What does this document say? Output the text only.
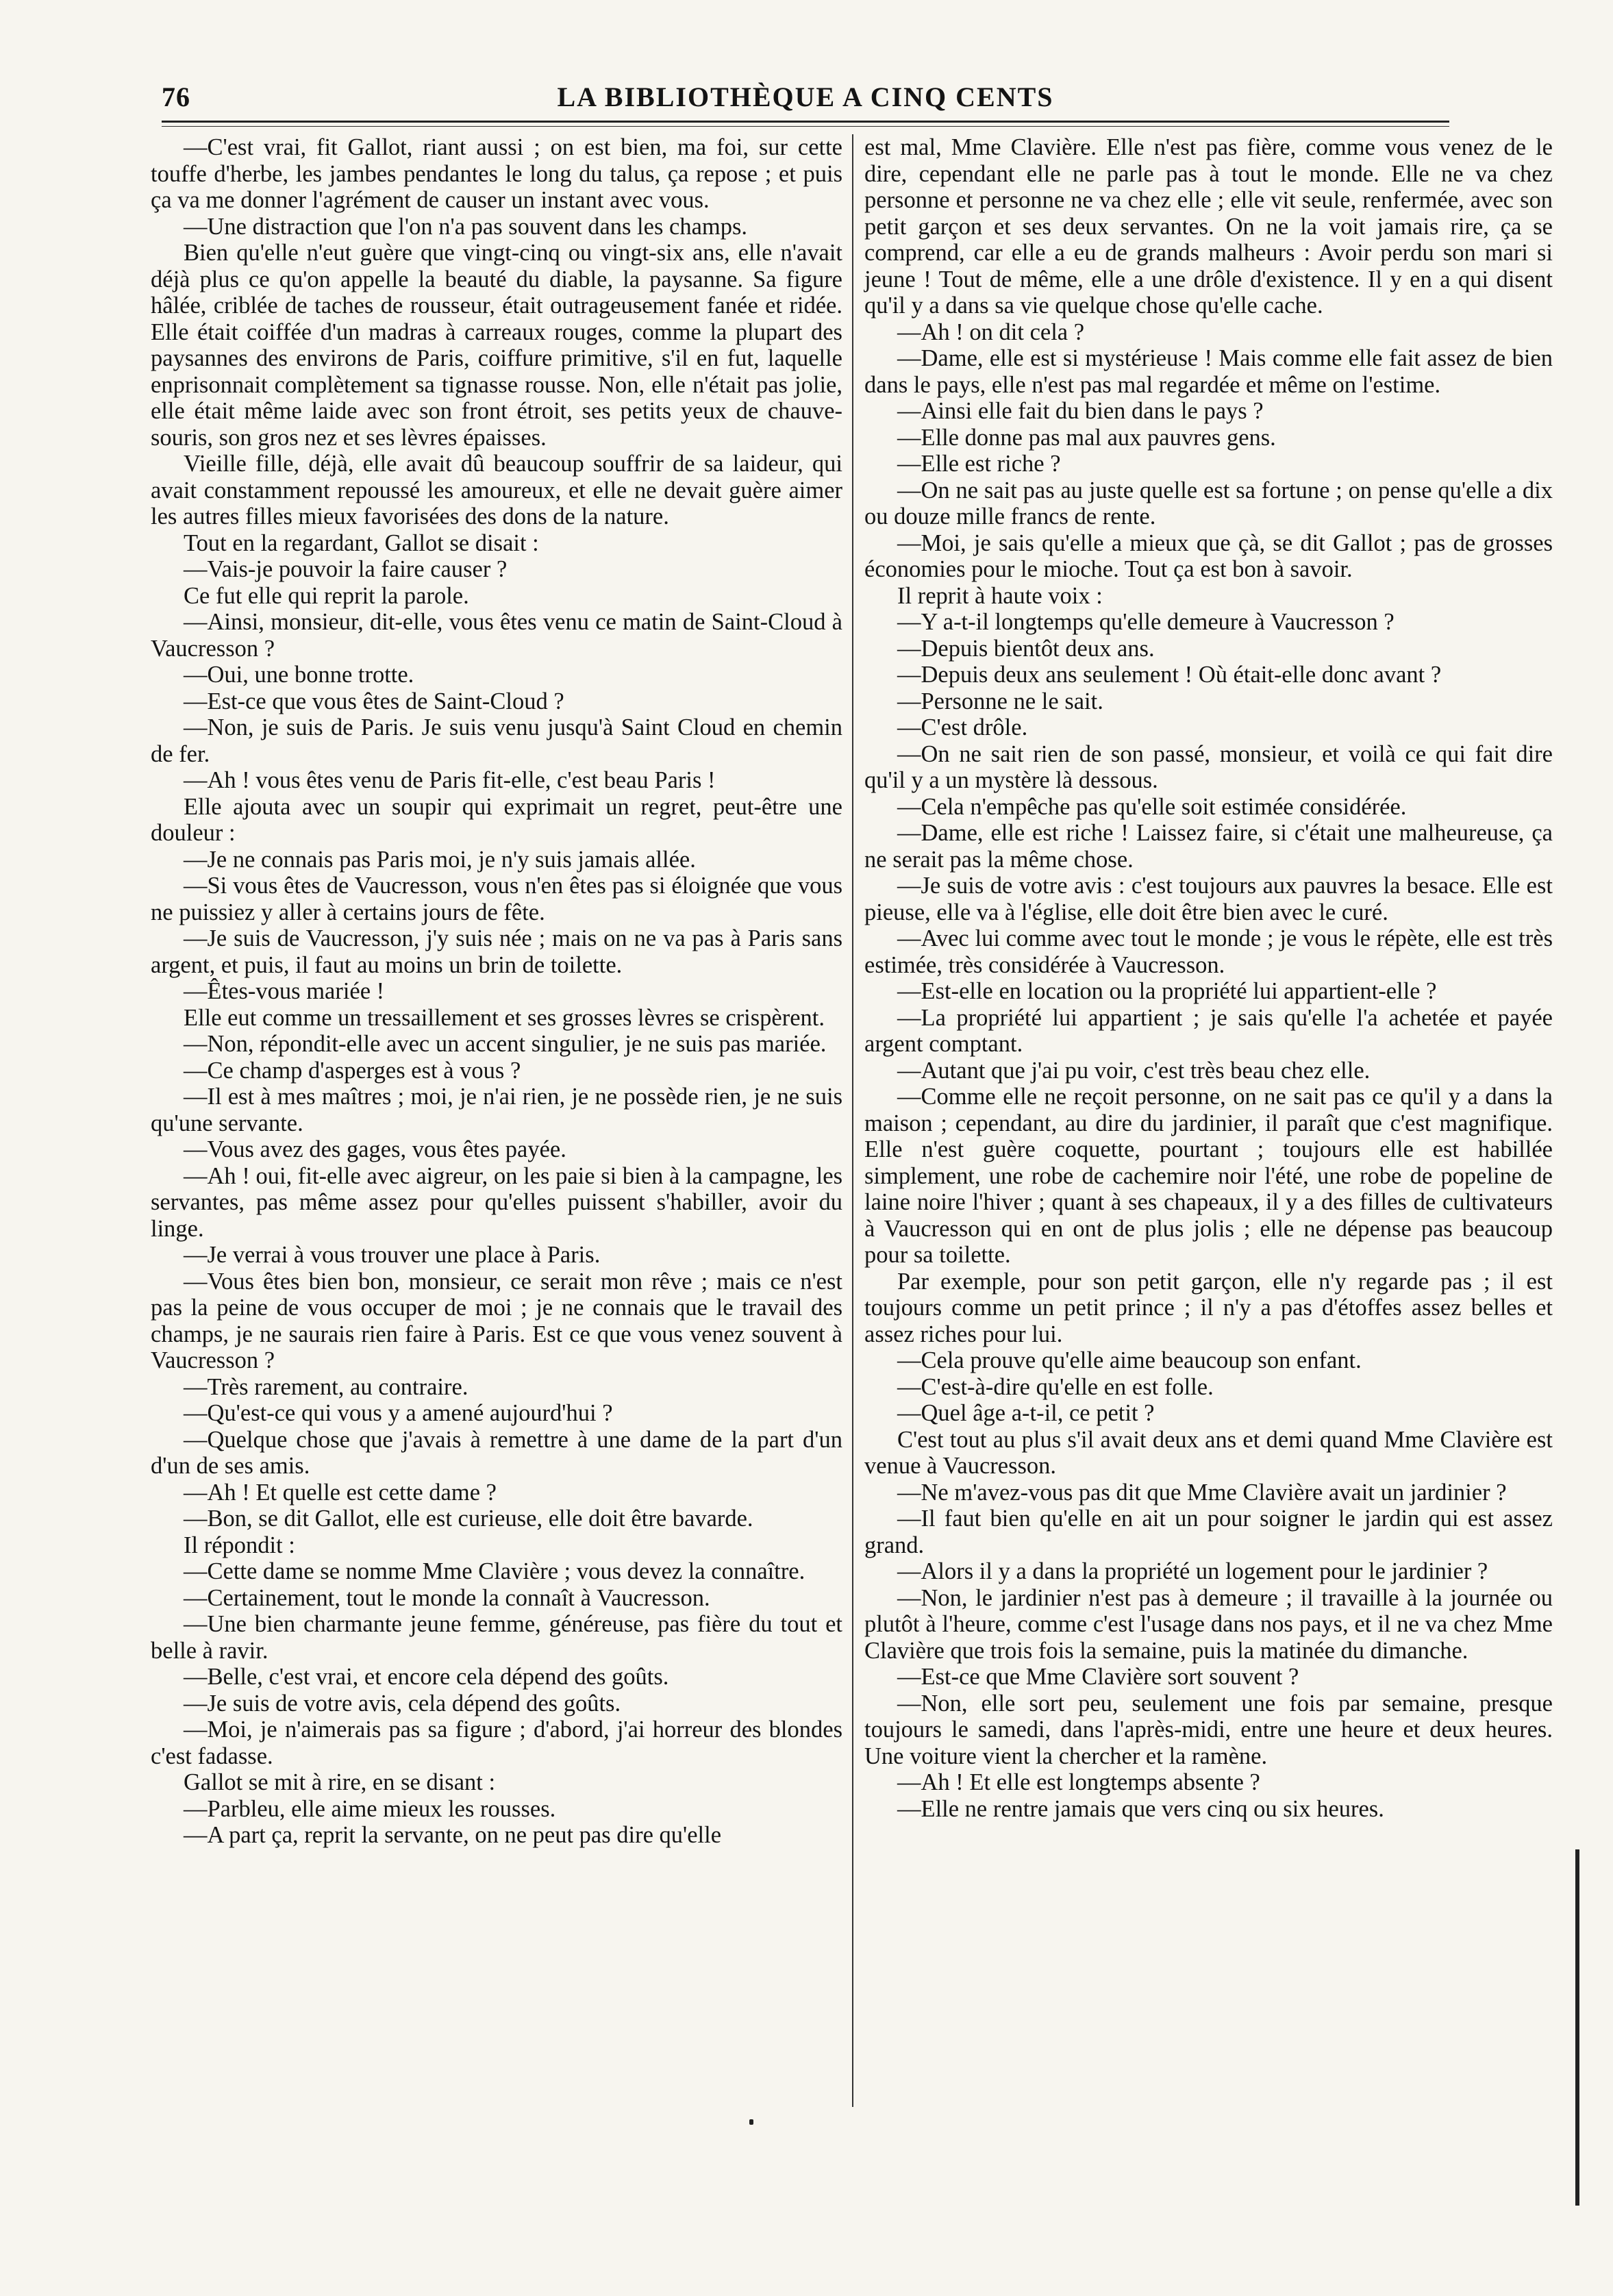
76	LA BIBLIOTHÈQUE A CINQ CENTS

—C'est vrai, fit Gallot, riant aussi ; on est bien, ma foi, sur cette touffe d'herbe, les jambes pendantes le long du talus, ça repose ; et puis ça va me donner l'agrément de causer un instant avec vous.

—Une distraction que l'on n'a pas souvent dans les champs.

Bien qu'elle n'eut guère que vingt-cinq ou vingt-six ans, elle n'avait déjà plus ce qu'on appelle la beauté du diable, la paysanne. Sa figure hâlée, criblée de taches de rousseur, était outrageusement fanée et ridée. Elle était coiffée d'un madras à carreaux rouges, comme la plupart des paysannes des environs de Paris, coiffure primitive, s'il en fut, laquelle enprisonnait complètement sa tignasse rousse. Non, elle n'était pas jolie, elle était même laide avec son front étroit, ses petits yeux de chauve-souris, son gros nez et ses lèvres épaisses.

Vieille fille, déjà, elle avait dû beaucoup souffrir de sa laideur, qui avait constamment repoussé les amoureux, et elle ne devait guère aimer les autres filles mieux favorisées des dons de la nature.

Tout en la regardant, Gallot se disait :

—Vais-je pouvoir la faire causer ?

Ce fut elle qui reprit la parole.

—Ainsi, monsieur, dit-elle, vous êtes venu ce matin de Saint-Cloud à Vaucresson ?

—Oui, une bonne trotte.

—Est-ce que vous êtes de Saint-Cloud ?

—Non, je suis de Paris. Je suis venu jusqu'à Saint Cloud en chemin de fer.

—Ah ! vous êtes venu de Paris fit-elle, c'est beau Paris !

Elle ajouta avec un soupir qui exprimait un regret, peut-être une douleur :

—Je ne connais pas Paris moi, je n'y suis jamais allée.

—Si vous êtes de Vaucresson, vous n'en êtes pas si éloignée que vous ne puissiez y aller à certains jours de fête.

—Je suis de Vaucresson, j'y suis née ; mais on ne va pas à Paris sans argent, et puis, il faut au moins un brin de toilette.

—Êtes-vous mariée !

Elle eut comme un tressaillement et ses grosses lèvres se crispèrent.

—Non, répondit-elle avec un accent singulier, je ne suis pas mariée.

—Ce champ d'asperges est à vous ?

—Il est à mes maîtres ; moi, je n'ai rien, je ne possède rien, je ne suis qu'une servante.

—Vous avez des gages, vous êtes payée.

—Ah ! oui, fit-elle avec aigreur, on les paie si bien à la campagne, les servantes, pas même assez pour qu'elles puissent s'habiller, avoir du linge.

—Je verrai à vous trouver une place à Paris.

—Vous êtes bien bon, monsieur, ce serait mon rêve ; mais ce n'est pas la peine de vous occuper de moi ; je ne connais que le travail des champs, je ne saurais rien faire à Paris. Est ce que vous venez souvent à Vaucresson ?

—Très rarement, au contraire.

—Qu'est-ce qui vous y a amené aujourd'hui ?

—Quelque chose que j'avais à remettre à une dame de la part d'un d'un de ses amis.

—Ah ! Et quelle est cette dame ?

—Bon, se dit Gallot, elle est curieuse, elle doit être bavarde.

Il répondit :

—Cette dame se nomme Mme Clavière ; vous devez la connaître.

—Certainement, tout le monde la connaît à Vaucresson.

—Une bien charmante jeune femme, généreuse, pas fière du tout et belle à ravir.

—Belle, c'est vrai, et encore cela dépend des goûts.

—Je suis de votre avis, cela dépend des goûts.

—Moi, je n'aimerais pas sa figure ; d'abord, j'ai horreur des blondes c'est fadasse.

Gallot se mit à rire, en se disant :

—Parbleu, elle aime mieux les rousses.

—A part ça, reprit la servante, on ne peut pas dire qu'elle

est mal, Mme Clavière. Elle n'est pas fière, comme vous venez de le dire, cependant elle ne parle pas à tout le monde. Elle ne va chez personne et personne ne va chez elle ; elle vit seule, renfermée, avec son petit garçon et ses deux servantes. On ne la voit jamais rire, ça se comprend, car elle a eu de grands malheurs : Avoir perdu son mari si jeune ! Tout de même, elle a une drôle d'existence. Il y en a qui disent qu'il y a dans sa vie quelque chose qu'elle cache.

—Ah ! on dit cela ?

—Dame, elle est si mystérieuse ! Mais comme elle fait assez de bien dans le pays, elle n'est pas mal regardée et même on l'estime.

—Ainsi elle fait du bien dans le pays ?

—Elle donne pas mal aux pauvres gens.

—Elle est riche ?

—On ne sait pas au juste quelle est sa fortune ; on pense qu'elle a dix ou douze mille francs de rente.

—Moi, je sais qu'elle a mieux que çà, se dit Gallot ; pas de grosses économies pour le mioche. Tout ça est bon à savoir.

Il reprit à haute voix :

—Y a-t-il longtemps qu'elle demeure à Vaucresson ?

—Depuis bientôt deux ans.

—Depuis deux ans seulement ! Où était-elle donc avant ?

—Personne ne le sait.

—C'est drôle.

—On ne sait rien de son passé, monsieur, et voilà ce qui fait dire qu'il y a un mystère là dessous.

—Cela n'empêche pas qu'elle soit estimée considérée.

—Dame, elle est riche ! Laissez faire, si c'était une malheureuse, ça ne serait pas la même chose.

—Je suis de votre avis : c'est toujours aux pauvres la besace. Elle est pieuse, elle va à l'église, elle doit être bien avec le curé.

—Avec lui comme avec tout le monde ; je vous le répète, elle est très estimée, très considérée à Vaucresson.

—Est-elle en location ou la propriété lui appartient-elle ?

—La propriété lui appartient ; je sais qu'elle l'a achetée et payée argent comptant.

—Autant que j'ai pu voir, c'est très beau chez elle.

—Comme elle ne reçoit personne, on ne sait pas ce qu'il y a dans la maison ; cependant, au dire du jardinier, il paraît que c'est magnifique. Elle n'est guère coquette, pourtant ; toujours elle est habillée simplement, une robe de cachemire noir l'été, une robe de popeline de laine noire l'hiver ; quant à ses chapeaux, il y a des filles de cultivateurs à Vaucresson qui en ont de plus jolis ; elle ne dépense pas beaucoup pour sa toilette.

Par exemple, pour son petit garçon, elle n'y regarde pas ; il est toujours comme un petit prince ; il n'y a pas d'étoffes assez belles et assez riches pour lui.

—Cela prouve qu'elle aime beaucoup son enfant.

—C'est-à-dire qu'elle en est folle.

—Quel âge a-t-il, ce petit ?

C'est tout au plus s'il avait deux ans et demi quand Mme Clavière est venue à Vaucresson.

—Ne m'avez-vous pas dit que Mme Clavière avait un jardinier ?

—Il faut bien qu'elle en ait un pour soigner le jardin qui est assez grand.

—Alors il y a dans la propriété un logement pour le jardinier ?

—Non, le jardinier n'est pas à demeure ; il travaille à la journée ou plutôt à l'heure, comme c'est l'usage dans nos pays, et il ne va chez Mme Clavière que trois fois la semaine, puis la matinée du dimanche.

—Est-ce que Mme Clavière sort souvent ?

—Non, elle sort peu, seulement une fois par semaine, presque toujours le samedi, dans l'après-midi, entre une heure et deux heures. Une voiture vient la chercher et la ramène.

—Ah ! Et elle est longtemps absente ?

—Elle ne rentre jamais que vers cinq ou six heures.
